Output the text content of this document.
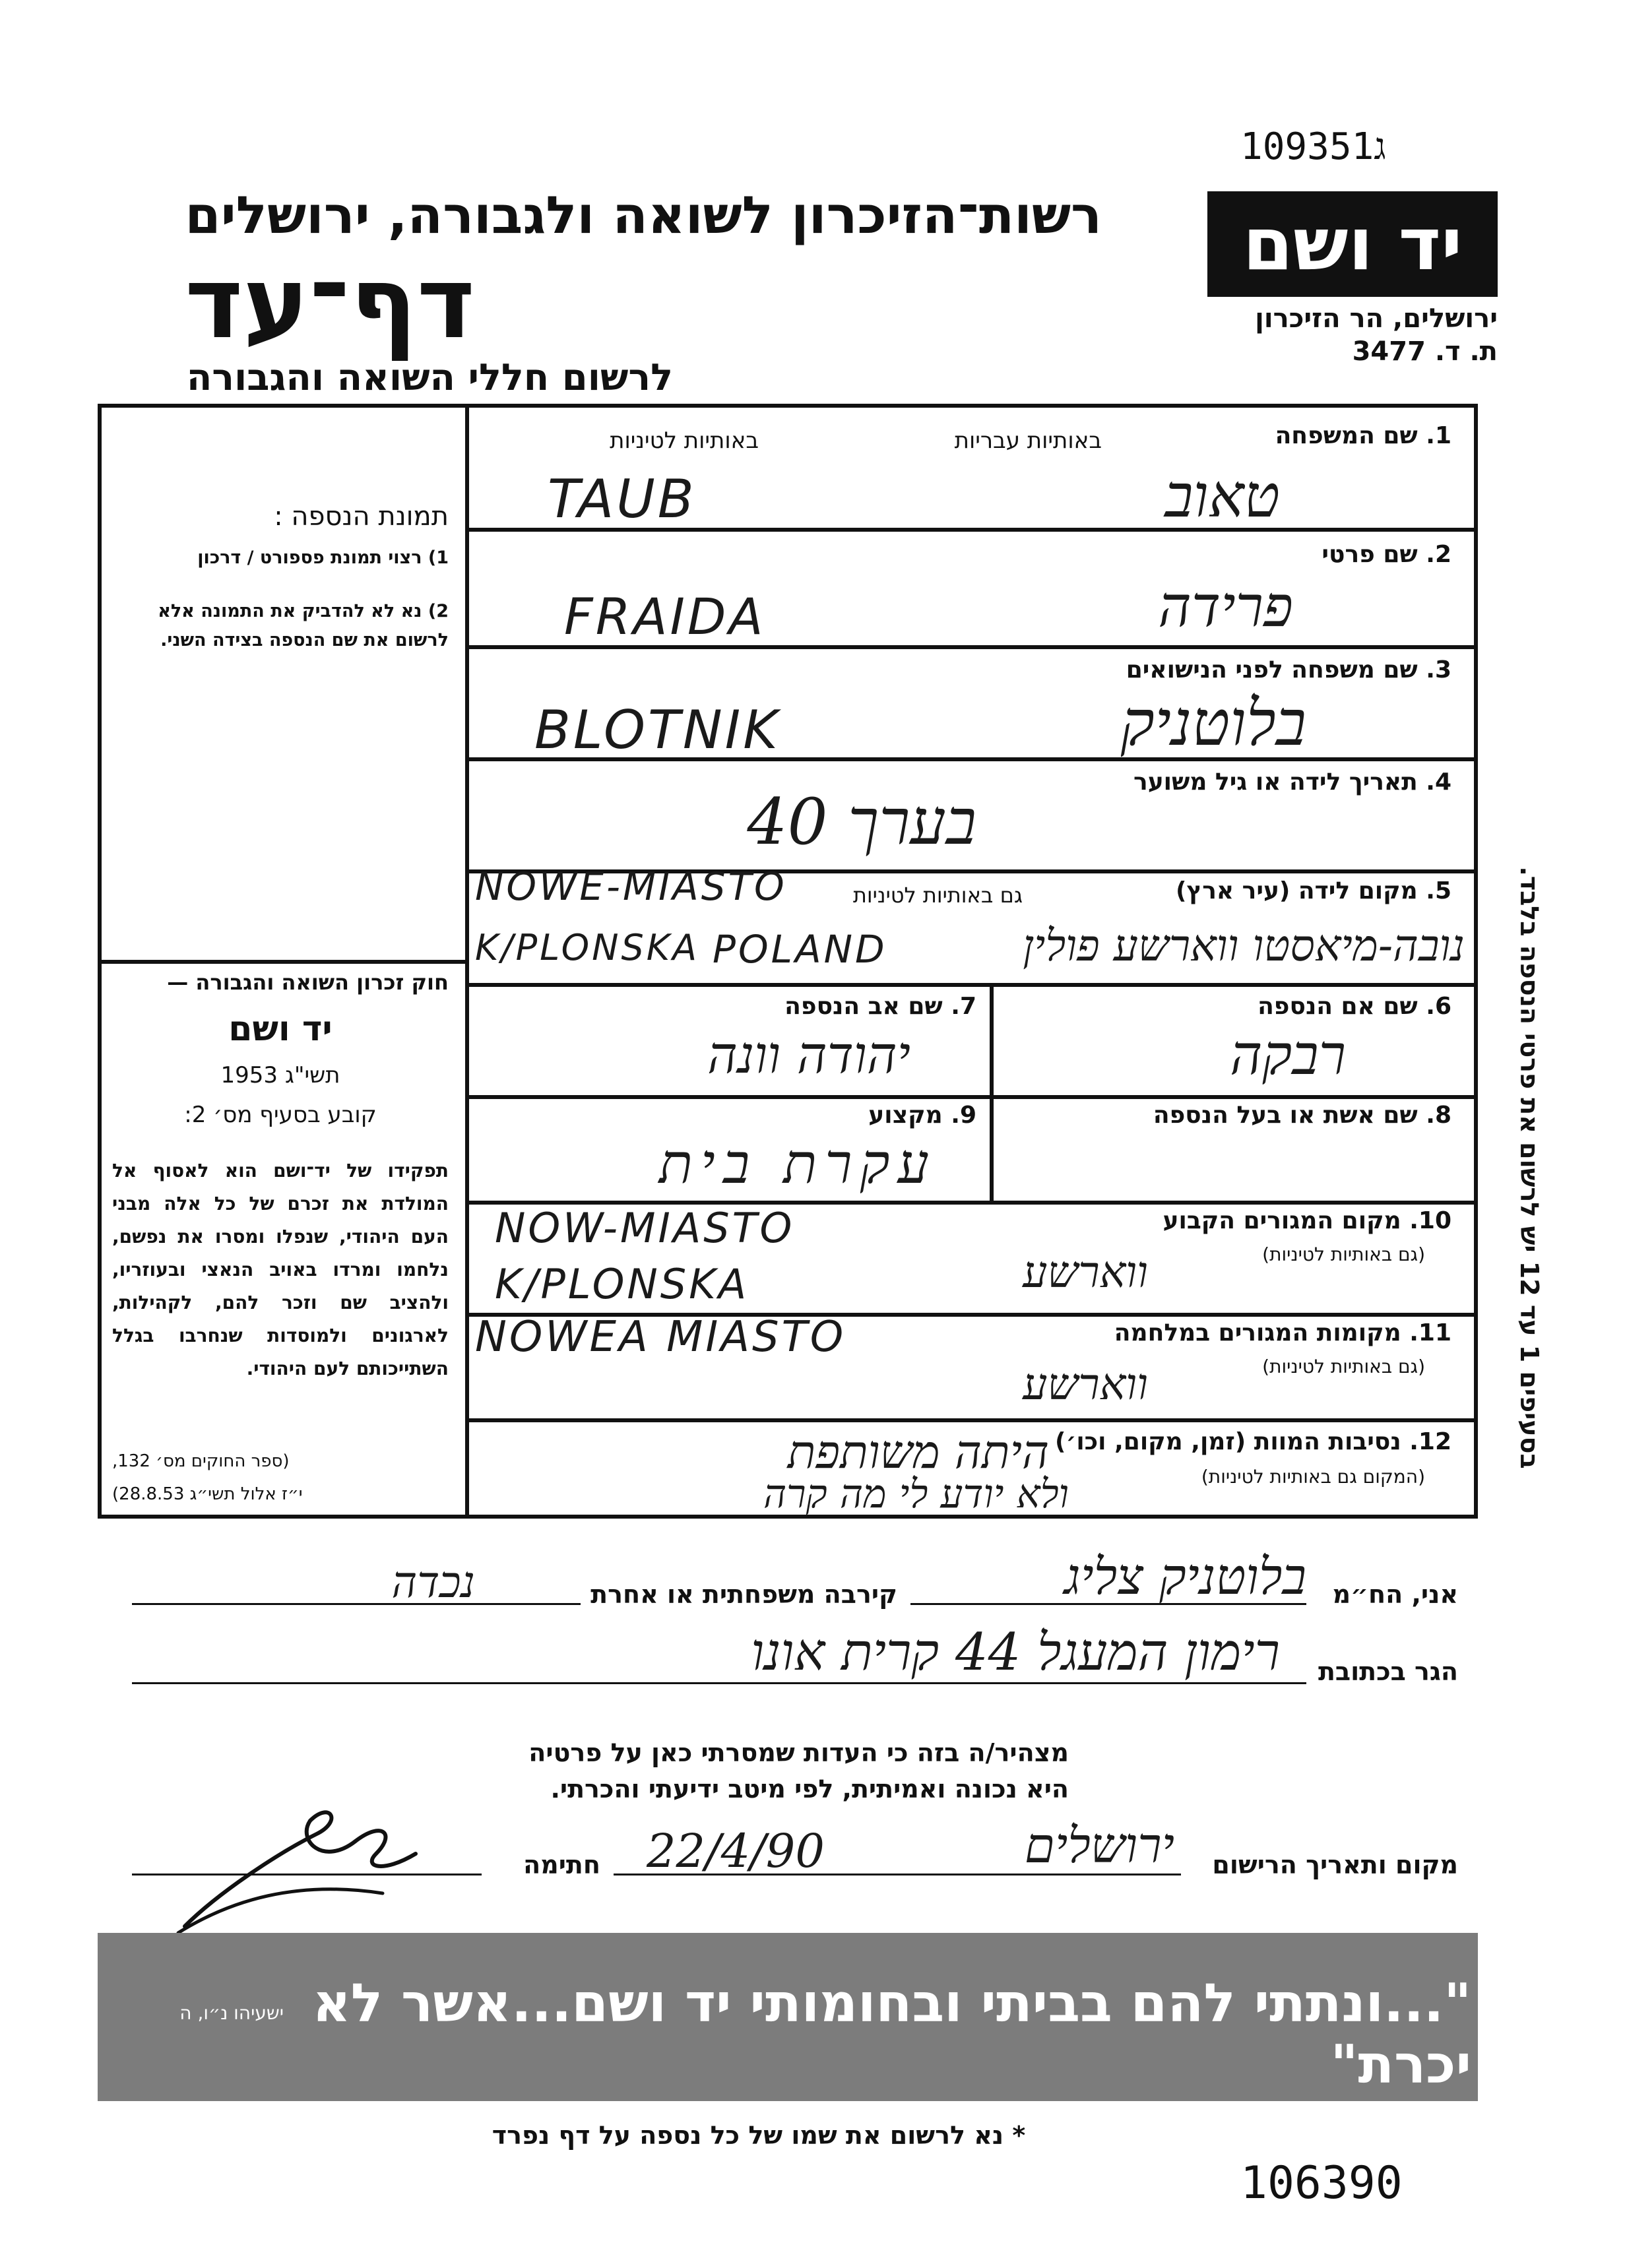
ג109351
רשות־הזיכרון לשואה ולגבורה, ירושלים
דף־עד
לרשום חללי השואה והגבורה
יד ושם
ירושלים, הר הזיכרון
ת. ד. 3477
תמונת הנספה :
1) רצוי תמונת פספורט / דרכון
2) נא לא להדביק את התמונה אלא לרשום את שם הנספה בצידה השני.
חוק זכרון השואה והגבורה —
יד ושם
תשי"ג 1953
קובע בסעיף מס׳ 2:
תפקידו של יד־ושם הוא לאסוף אל המולדת את זכרם של כל אלה מבני העם היהודי, שנפלו ומסרו את נפשם, נלחמו ומרדו באויב הנאצי ובעוזריו, ולהציב שם וזכר להם, לקהילות, לארגונים ולמוסדות שנחרבו בגלל השתייכותם לעם היהודי.
(ספר החוקים מס׳ 132,
י״ז אלול תשי״ג 28.8.53)
1. שם המשפחה
באותיות עבריות
באותיות לטיניות
TAUB	טאוב
2. שם פרטי
FRAIDA	פרידה
3. שם משפחה לפני הנישואים
BLOTNIK	בלוטניק
4. תאריך לידה או גיל משוער
בערך 40
5. מקום לידה (עיר ארץ)
גם באותיות לטיניות
NOWE-MIASTO
K/PLONSKA POLAND	נובה-מיאסטו ווארשע פולין
6. שם אם הנספה
רבקה
7. שם אב הנספה
יהודה וונה
8. שם אשת או בעל הנספה
9. מקצוע
עקרת בית
10. מקום המגורים הקבוע
(גם באותיות לטיניות)
NOW-MIASTO
K/PLONSKA	ווארשע
11. מקומות המגורים במלחמה
(גם באותיות לטיניות)
NOWEA MIASTO
ווארשע
12. נסיבות המוות (זמן, מקום, וכו׳)
(המקום גם באותיות לטיניות)
היתה משותפת
ולא יודע לי מה קרה
בסעיפים 1 עד 12 יש לרשום את פרטי הנספה בלבד.
אני, הח״מ
בלוטניק צליג
קירבה משפחתית או אחרת
נכדה
הגר בכתובת
רימון המעגל 44 קרית אונו
מצהיר/ה בזה כי העדות שמסרתי כאן על פרטיה
היא נכונה ואמיתית, לפי מיטב ידיעתי והכרתי.
מקום ותאריך הרישום
ירושלים
22/4/90
חתימה
"...ונתתי להם בביתי ובחומותי יד ושם...אשר לא יכרת"
ישעיהו נ״ו, ה
* נא לרשום את שמו של כל נספה על דף נפרד
106390
